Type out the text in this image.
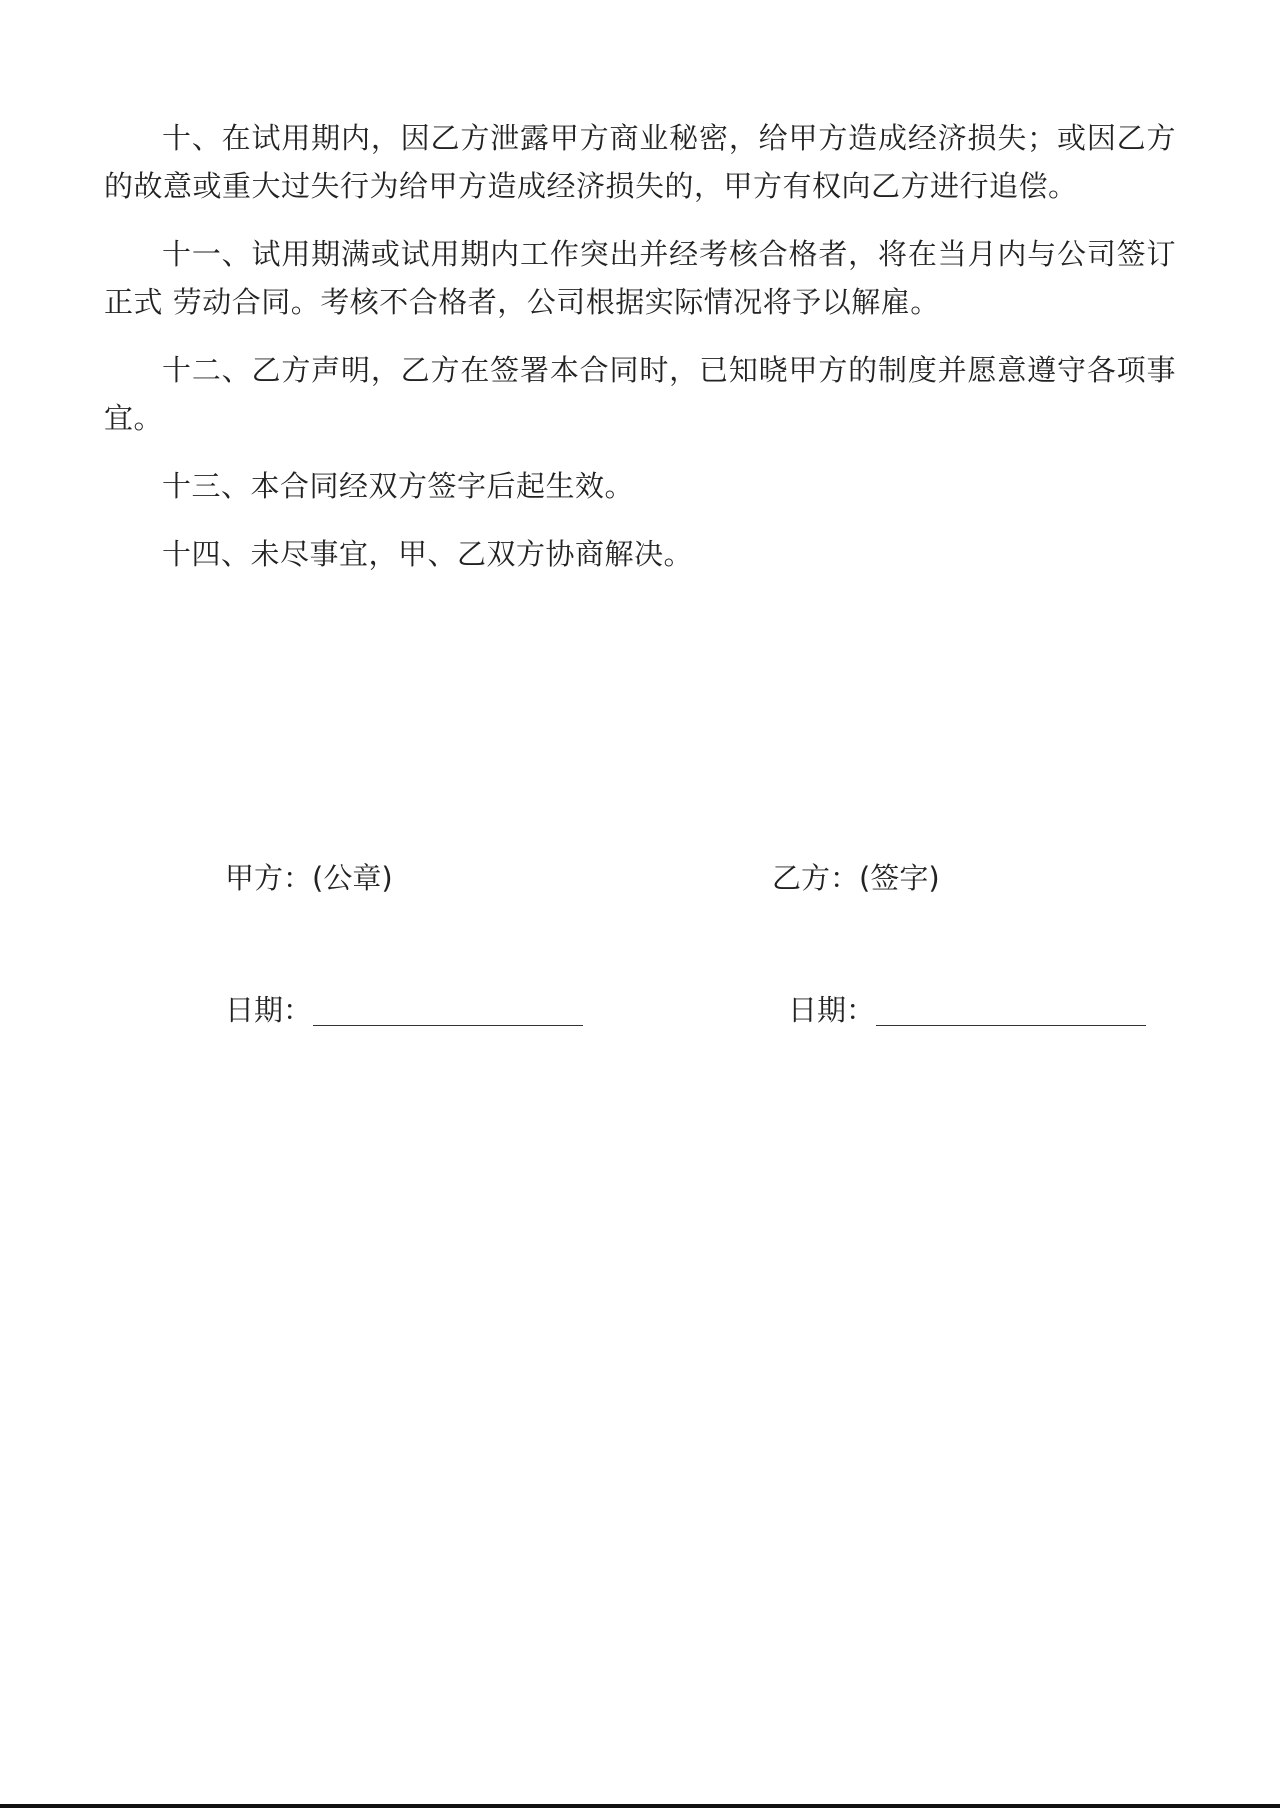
十、在试用期内，因乙方泄露甲方商业秘密，给甲方造成经济损失；或因乙方的故意或重大过失行为给甲方造成经济损失的，甲方有权向乙方进行追偿。

十一、试用期满或试用期内工作突出并经考核合格者，将在当月内与公司签订正式 劳动合同。考核不合格者，公司根据实际情况将予以解雇。

十二、乙方声明，乙方在签署本合同时，已知晓甲方的制度并愿意遵守各项事宜。

十三、本合同经双方签字后起生效。

十四、未尽事宜，甲、乙双方协商解决。

甲方：(公章)	乙方：(签字)
日期：	日期：
